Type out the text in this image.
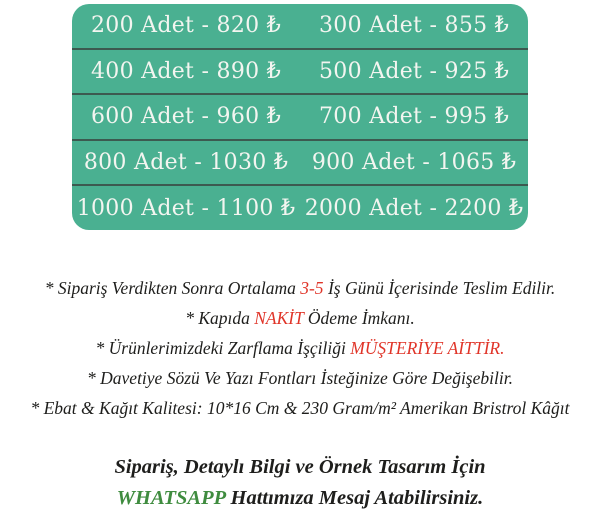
200 Adet - 820 ₺	300 Adet - 855 ₺
400 Adet - 890 ₺	500 Adet - 925 ₺
600 Adet - 960 ₺	700 Adet - 995 ₺
800 Adet - 1030 ₺	900 Adet - 1065 ₺
1000 Adet - 1100 ₺ 2000 Adet - 2200 ₺
* Sipariş Verdikten Sonra Ortalama 3-5 İş Günü İçerisinde Teslim Edilir.
* Kapıda NAKİT Ödeme İmkanı.
* Ürünlerimizdeki Zarflama İşçiliği MÜŞTERİYE AİTTİR.
* Davetiye Sözü Ve Yazı Fontları İsteğinize Göre Değişebilir.
* Ebat & Kağıt Kalitesi: 10*16 Cm & 230 Gram/m² Amerikan Bristrol Kâğıt
Sipariş, Detaylı Bilgi ve Örnek Tasarım İçin
WHATSAPP Hattımıza Mesaj Atabilirsiniz.
